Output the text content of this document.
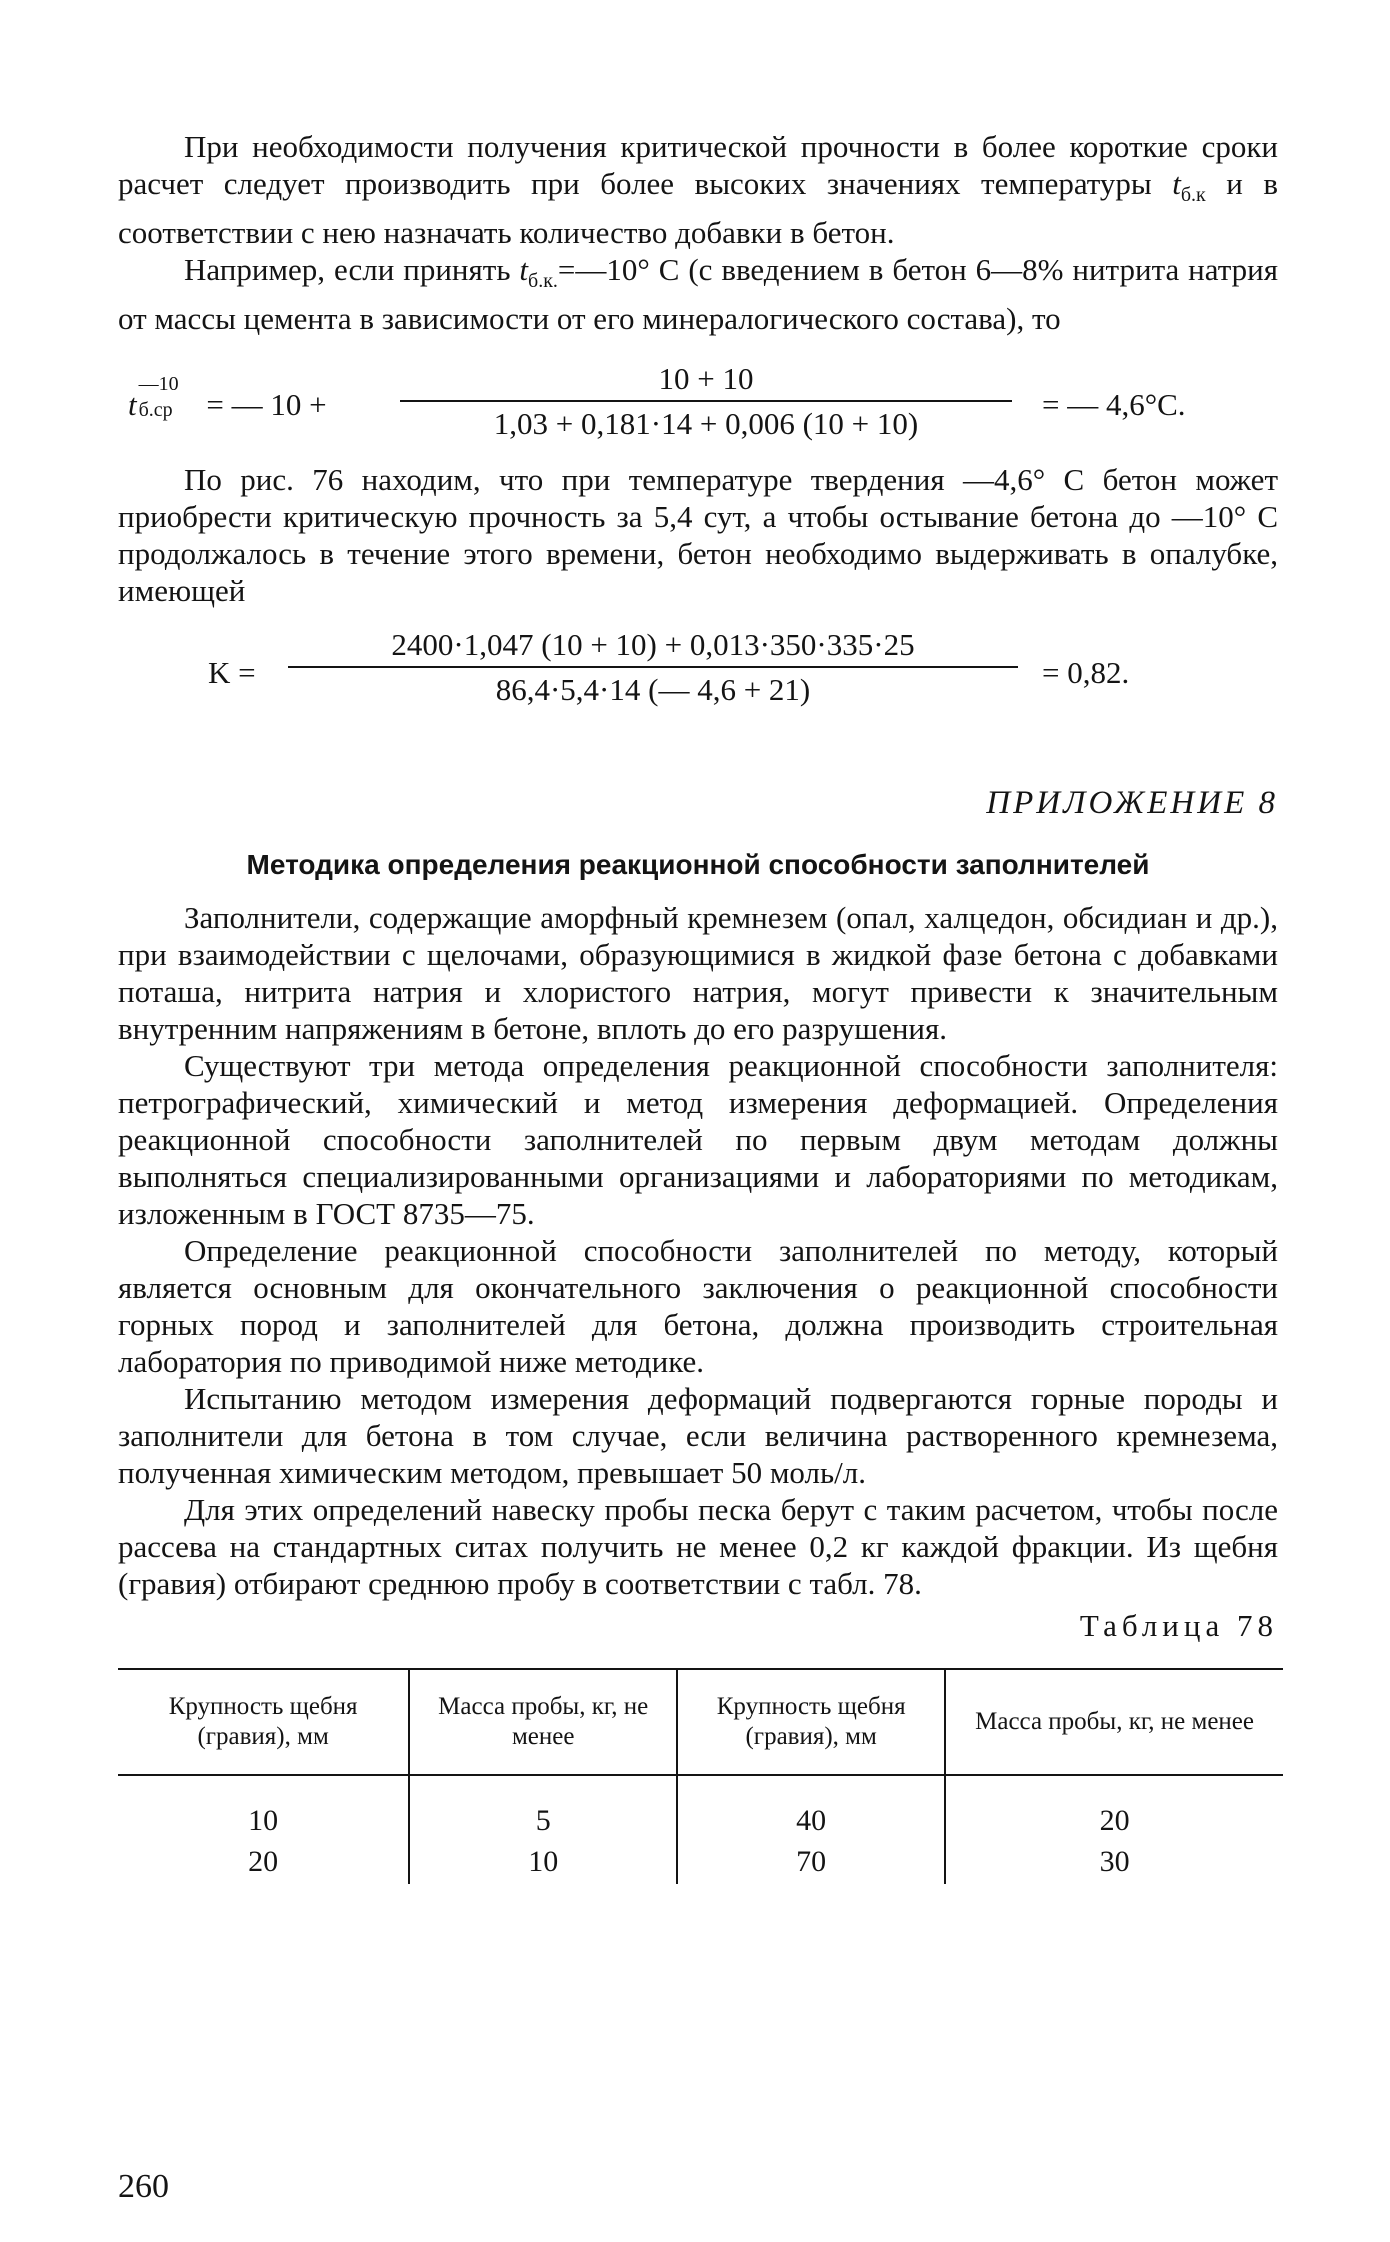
При необходимости получения критической прочности в более короткие сроки расчет следует производить при более высоких значениях температуры $t_{б.к}$ и в соответствии с нею назначать количество добавки в бетон.

Например, если принять $t_{б.к.}=—10^\circ$ С (с введением в бетон 6—8% нитрита натрия от массы цемента в зависимости от его минералогического состава), то

t
—10
б.ср = — 10 +
10 + 10
1,03 + 0,181·14 + 0,006 (10 + 10)
= — 4,6°С.

По рис. 76 находим, что при температуре твердения —4,6° С бетон может приобрести критическую прочность за 5,4 сут, а чтобы остывание бетона до —10° С продолжалось в течение этого времени, бетон необходимо выдерживать в опалубке, имеющей

K =
2400·1,047 (10 + 10) + 0,013·350·335·25
86,4·5,4·14 (— 4,6 + 21)	= 0,82.
ПРИЛОЖЕНИЕ 8
Методика определения реакционной способности заполнителей

Заполнители, содержащие аморфный кремнезем (опал, халцедон, обсидиан и др.), при взаимодействии с щелочами, образующимися в жидкой фазе бетона с добавками поташа, нитрита натрия и хлористого натрия, могут привести к значительным внутренним напряжениям в бетоне, вплоть до его разрушения.

Существуют три метода определения реакционной способности заполнителя: петрографический, химический и метод измерения деформацией. Определения реакционной способности заполнителей по первым двум методам должны выполняться специализированными организациями и лабораториями по методикам, изложенным в ГОСТ 8735—75.

Определение реакционной способности заполнителей по методу, который является основным для окончательного заключения о реакционной способности горных пород и заполнителей для бетона, должна производить строительная лаборатория по приводимой ниже методике.

Испытанию методом измерения деформаций подвергаются горные породы и заполнители для бетона в том случае, если величина растворенного кремнезема, полученная химическим методом, превышает 50 моль/л.

Для этих определений навеску пробы песка берут с таким расчетом, чтобы после рассева на стандартных ситах получить не менее 0,2 кг каждой фракции. Из щебня (гравия) отбирают среднюю пробу в соответствии с табл. 78.

Таблица 78
Крупность щебня (гравия), мм	Масса пробы, кг, не менее	Крупность щебня (гравия), мм	Масса пробы, кг, не менее
10	5	40	20
20	10	70	30
260
